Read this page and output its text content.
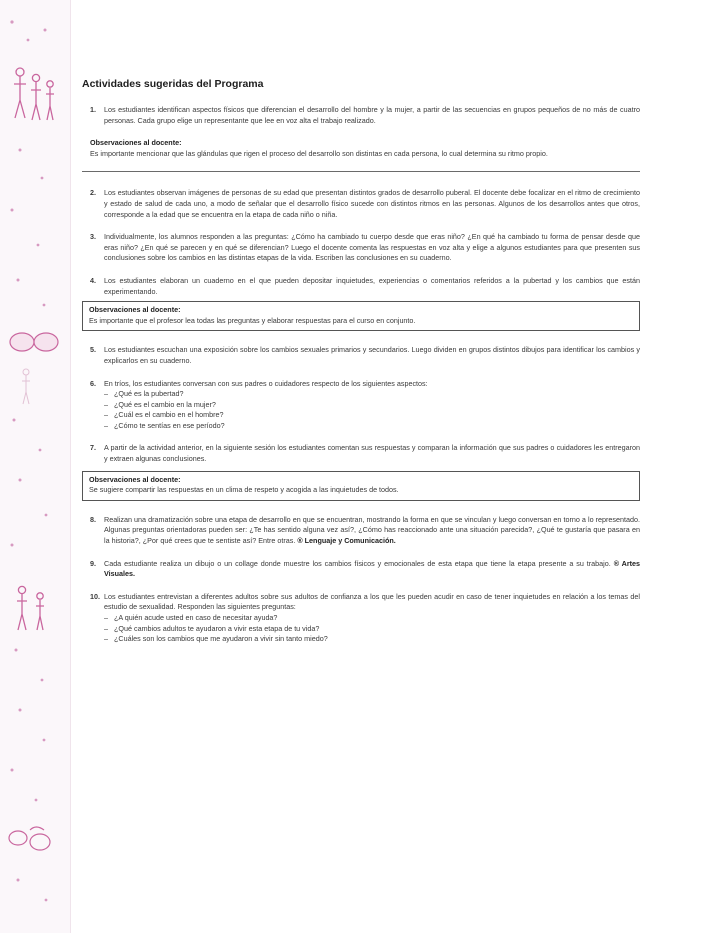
Actividades sugeridas del Programa
1.	Los estudiantes identifican aspectos físicos que diferencian el desarrollo del hombre y la mujer, a partir de las secuencias en grupos pequeños de no más de cuatro personas. Cada grupo elige un representante que lee en voz alta el trabajo realizado.
Observaciones al docente:
Es importante mencionar que las glándulas que rigen el proceso del desarrollo son distintas en cada persona, lo cual determina su ritmo propio.
2.	Los estudiantes observan imágenes de personas de su edad que presentan distintos grados de desarrollo puberal. El docente debe focalizar en el ritmo de crecimiento y estado de salud de cada uno, a modo de señalar que el desarrollo físico sucede con distintos ritmos en las personas. Algunos de los desarrollos antes que otros, corresponde a la edad que se encuentra en la etapa de cada niño o niña.
3.	Individualmente, los alumnos responden a las preguntas: ¿Cómo ha cambiado tu cuerpo desde que eras niño? ¿En qué ha cambiado tu forma de pensar desde que eras niño? ¿En qué se parecen y en qué se diferencian? Luego el docente comenta las respuestas en voz alta y elige a algunos estudiantes para que presenten sus conclusiones sobre los cambios en las distintas etapas de la vida. Escriben las conclusiones en su cuaderno.
4.	Los estudiantes elaboran un cuaderno en el que pueden depositar inquietudes, experiencias o comentarios referidos a la pubertad y los cambios que están experimentando.
Observaciones al docente:
Es importante que el profesor lea todas las preguntas y elaborar respuestas para el curso en conjunto.
5.	Los estudiantes escuchan una exposición sobre los cambios sexuales primarios y secundarios. Luego dividen en grupos distintos dibujos para identificar los cambios y explicarlos en su cuaderno.
6.	En tríos, los estudiantes conversan con sus padres o cuidadores respecto de los siguientes aspectos:
– ¿Qué es la pubertad?
– ¿Qué es el cambio en la mujer?
– ¿Cuál es el cambio en el hombre?
– ¿Cómo te sentías en ese período?
7.	A partir de la actividad anterior, en la siguiente sesión los estudiantes comentan sus respuestas y comparan la información que sus padres o cuidadores les entregaron y extraen algunas conclusiones.
Observaciones al docente:
Se sugiere compartir las respuestas en un clima de respeto y acogida a las inquietudes de todos.
8.	Realizan una dramatización sobre una etapa de desarrollo en que se encuentran, mostrando la forma en que se vinculan y luego conversan en torno a lo representado. Algunas preguntas orientadoras pueden ser: ¿Te has sentido alguna vez así?, ¿Cómo has reaccionado ante una situación parecida?, ¿Qué te gustaría que pasara en la historia?, ¿Por qué crees que te sentiste así? Entre otras. ® Lenguaje y Comunicación.
9.	Cada estudiante realiza un dibujo o un collage donde muestre los cambios físicos y emocionales de esta etapa que tiene la etapa presente a su trabajo. ® Artes Visuales.
10. Los estudiantes entrevistan a diferentes adultos sobre sus adultos de confianza a los que les pueden acudir en caso de tener inquietudes en relación a los temas del estudio de sexualidad. Responden las siguientes preguntas:
– ¿A quién acude usted en caso de necesitar ayuda?
– ¿Qué cambios adultos te ayudaron a vivir esta etapa de tu vida?
– ¿Cuáles son los cambios que me ayudaron a vivir sin tanto miedo?
